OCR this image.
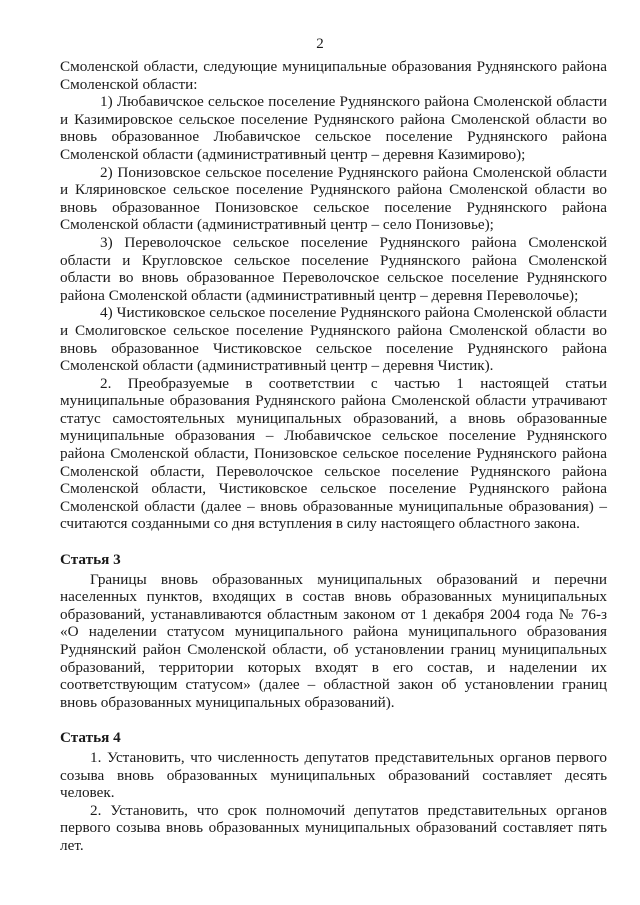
2

Смоленской области, следующие муниципальные образования Руднянского района Смоленской области:

1) Любавичское сельское поселение Руднянского района Смоленской области и Казимировское сельское поселение Руднянского района Смоленской области во вновь образованное Любавичское сельское поселение Руднянского района Смоленской области (административный центр – деревня Казимирово);

2) Понизовское сельское поселение Руднянского района Смоленской области и Кляриновское сельское поселение Руднянского района Смоленской области во вновь образованное Понизовское сельское поселение Руднянского района Смоленской области (административный центр – село Понизовье);

3) Переволочское сельское поселение Руднянского района Смоленской области и Кругловское сельское поселение Руднянского района Смоленской области во вновь образованное Переволочское сельское поселение Руднянского района Смоленской области (административный центр – деревня Переволочье);

4) Чистиковское сельское поселение Руднянского района Смоленской области и Смолиговское сельское поселение Руднянского района Смоленской области во вновь образованное Чистиковское сельское поселение Руднянского района Смоленской области (административный центр – деревня Чистик).

2. Преобразуемые в соответствии с частью 1 настоящей статьи муниципальные образования Руднянского района Смоленской области утрачивают статус самостоятельных муниципальных образований, а вновь образованные муниципальные образования – Любавичское сельское поселение Руднянского района Смоленской области, Понизовское сельское поселение Руднянского района Смоленской области, Переволочское сельское поселение Руднянского района Смоленской области, Чистиковское сельское поселение Руднянского района Смоленской области (далее – вновь образованные муниципальные образования) – считаются созданными со дня вступления в силу настоящего областного закона.

Статья 3

Границы вновь образованных муниципальных образований и перечни населенных пунктов, входящих в состав вновь образованных муниципальных образований, устанавливаются областным законом от 1 декабря 2004 года № 76-з «О наделении статусом муниципального района муниципального образования Руднянский район Смоленской области, об установлении границ муниципальных образований, территории которых входят в его состав, и наделении их соответствующим статусом» (далее – областной закон об установлении границ вновь образованных муниципальных образований).

Статья 4

1. Установить, что численность депутатов представительных органов первого созыва вновь образованных муниципальных образований составляет десять человек.

2. Установить, что срок полномочий депутатов представительных органов первого созыва вновь образованных муниципальных образований составляет пять лет.
